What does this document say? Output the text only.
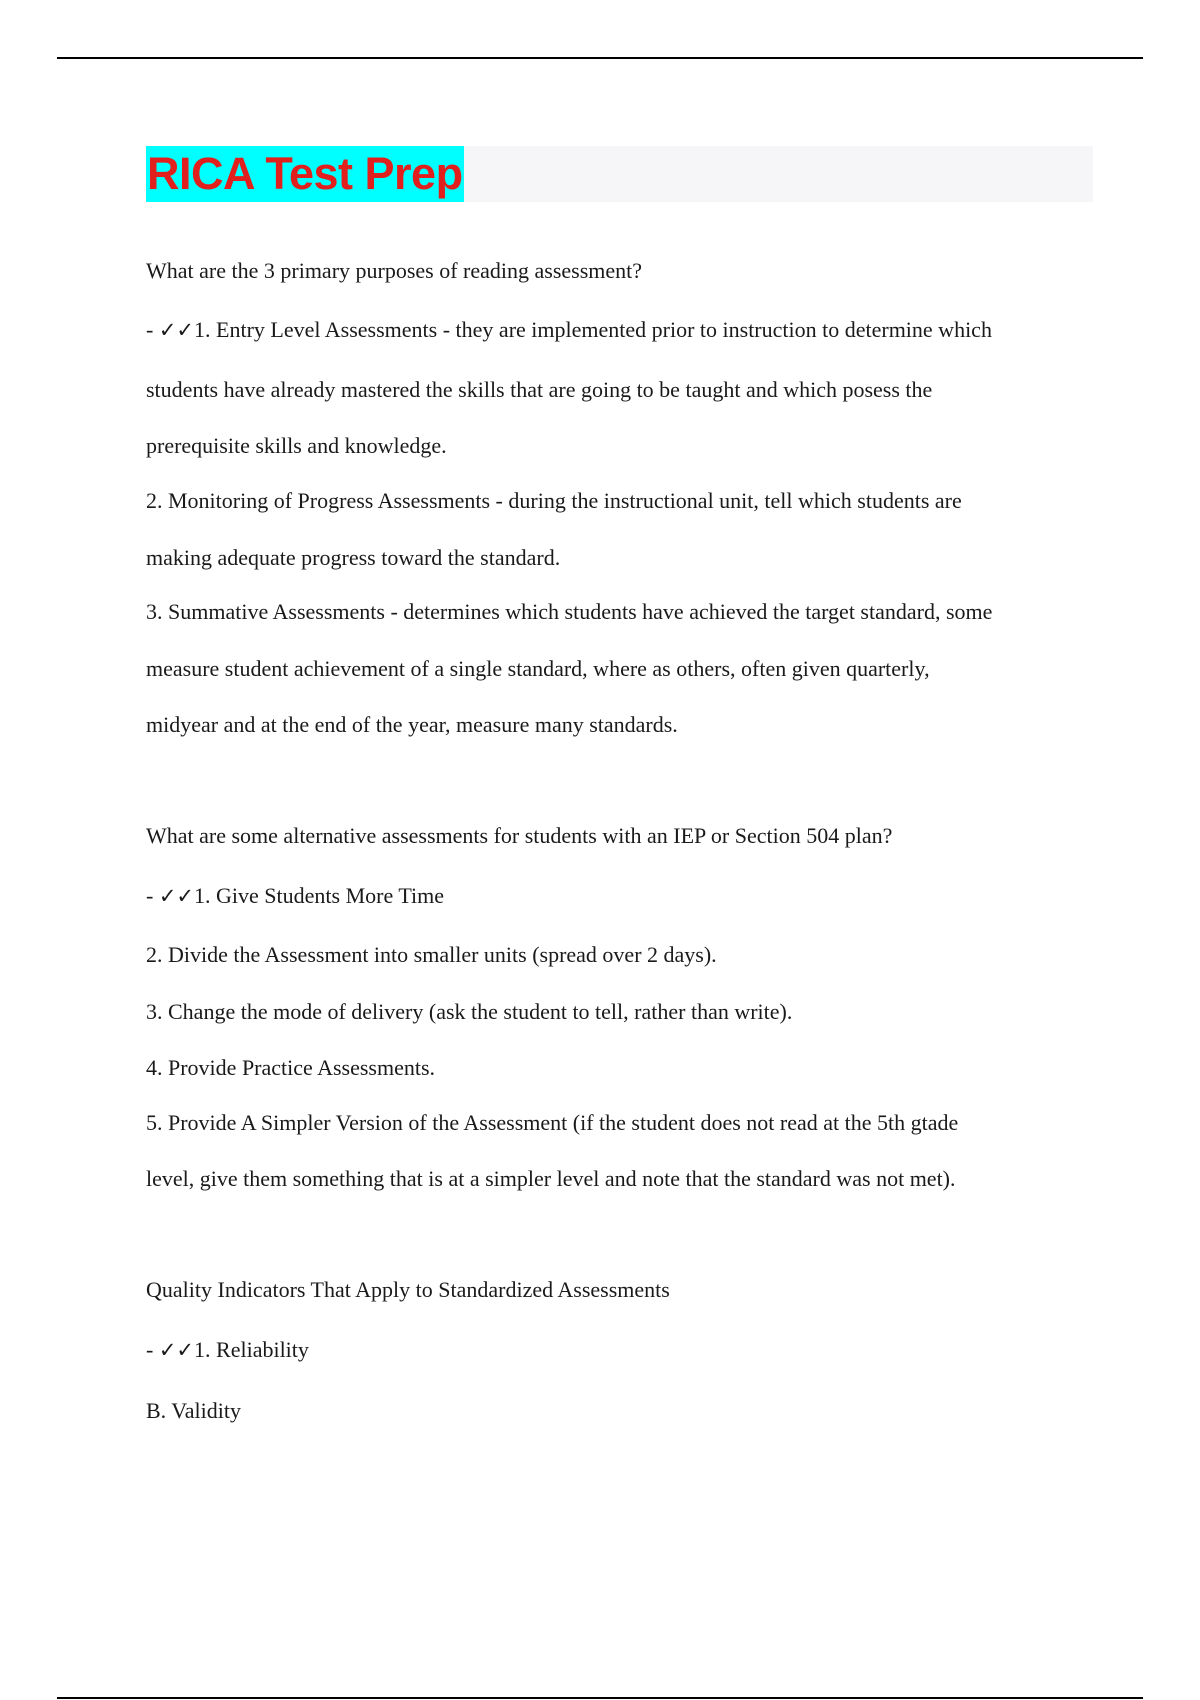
RICA Test Prep
What are the 3 primary purposes of reading assessment?
- ✓✓1. Entry Level Assessments - they are implemented prior to instruction to determine which
students have already mastered the skills that are going to be taught and which posess the
prerequisite skills and knowledge.
2. Monitoring of Progress Assessments - during the instructional unit, tell which students are
making adequate progress toward the standard.
3. Summative Assessments - determines which students have achieved the target standard, some
measure student achievement of a single standard, where as others, often given quarterly,
midyear and at the end of the year, measure many standards.
What are some alternative assessments for students with an IEP or Section 504 plan?
- ✓✓1. Give Students More Time
2. Divide the Assessment into smaller units (spread over 2 days).
3. Change the mode of delivery (ask the student to tell, rather than write).
4. Provide Practice Assessments.
5. Provide A Simpler Version of the Assessment (if the student does not read at the 5th gtade
level, give them something that is at a simpler level and note that the standard was not met).
Quality Indicators That Apply to Standardized Assessments
- ✓✓1. Reliability
B. Validity
